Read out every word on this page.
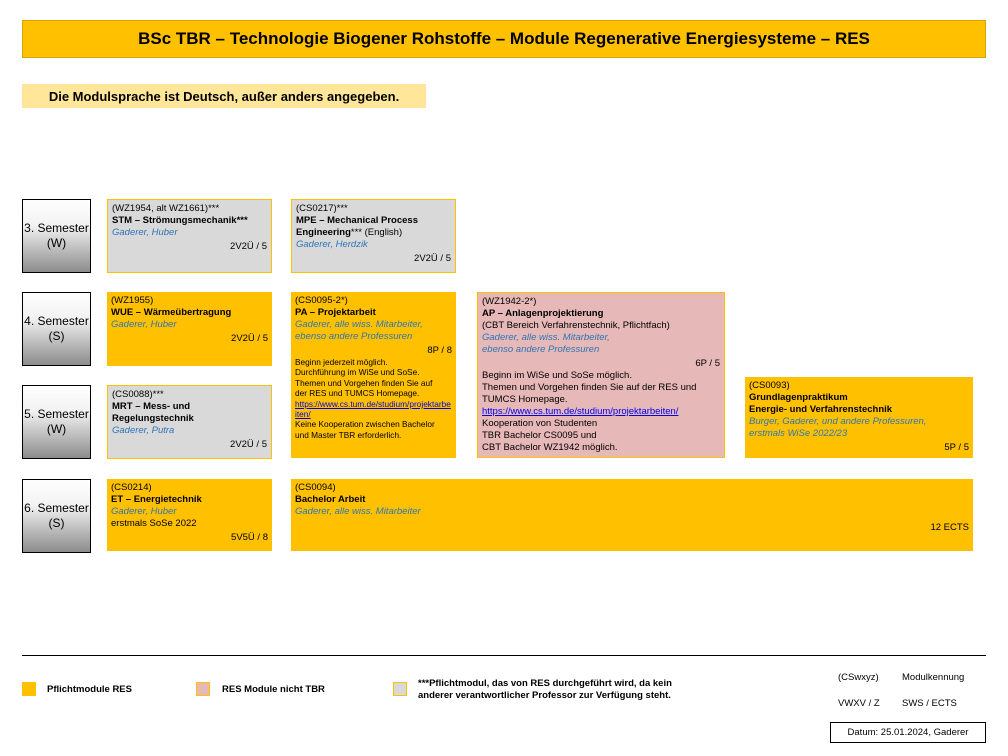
BSc TBR – Technologie Biogener Rohstoffe – Module Regenerative Energiesysteme – RES
Die Modulsprache ist Deutsch, außer anders angegeben.
3. Semester
(W)
4. Semester
(S)
5. Semester
(W)
6. Semester
(S)
(WZ1954, alt WZ1661)***
STM – Strömungsmechanik***
Gaderer, Huber
2V2Ü / 5
(CS0217)***
MPE – Mechanical Process
Engineering*** (English)
Gaderer, Herdzik
2V2Ü / 5
(WZ1955)
WUE – Wärmeübertragung
Gaderer, Huber
2V2Ü / 5
(CS0095-2*)
PA – Projektarbeit
Gaderer, alle wiss. Mitarbeiter,
ebenso andere Professuren
8P / 8
Beginn jederzeit möglich.
Durchführung im WiSe und SoSe.
Themen und Vorgehen finden Sie auf
der RES und TUMCS Homepage.
https://www.cs.tum.de/studium/projektarbeiten/
Keine Kooperation zwischen Bachelor
und Master TBR erforderlich.
(WZ1942-2*)
AP – Anlagenprojektierung
(CBT Bereich Verfahrenstechnik, Pflichtfach)
Gaderer, alle wiss. Mitarbeiter,
ebenso andere Professuren
6P / 5
Beginn im WiSe und SoSe möglich.
Themen und Vorgehen finden Sie auf der RES und
TUMCS Homepage.
https://www.cs.tum.de/studium/projektarbeiten/
Kooperation von Studenten
TBR Bachelor CS0095 und
CBT Bachelor WZ1942 möglich.
(CS0088)***
MRT – Mess- und
Regelungstechnik
Gaderer, Putra
2V2Ü / 5
(CS0093)
Grundlagenpraktikum
Energie- und Verfahrenstechnik
Burger, Gaderer, und andere Professuren,
erstmals WiSe 2022/23
5P / 5
(CS0214)
ET – Energietechnik
Gaderer, Huber
erstmals SoSe 2022
5V5Ü / 8
(CS0094)
Bachelor Arbeit
Gaderer, alle wiss. Mitarbeiter
12 ECTS
Pflichtmodule RES	RES Module nicht TBR
***Pflichtmodul, das von RES durchgeführt wird, da kein
anderer verantwortlicher Professor zur Verfügung steht.
(CSwxyz) Modulkennung
VWXV / Z SWS / ECTS
Datum: 25.01.2024, Gaderer
